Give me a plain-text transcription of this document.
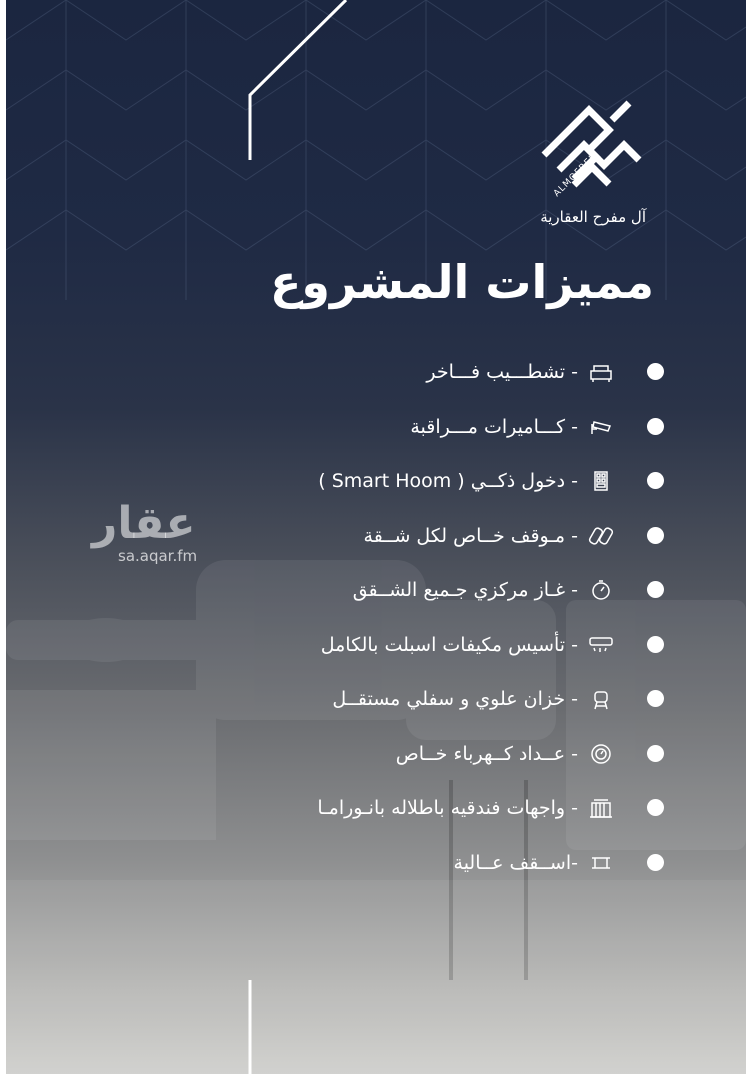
ALMOFREH
آل مفرح العقارية
مميزات المشروع
- تشطـــيب فـــاخر
- كـــاميرات مـــراقبة
- دخول ذكــي ( Smart Hoom )
- مـوقف خــاص لكل شــقة
- غـاز مركزي جـميع الشــقق
- تأسيس مكيفات اسبلت بالكامل
- خزان علوي و سفلي مستقــل
- عــداد كــهرباء خــاص
- واجهات فندقيه باطلاله بانـورامـا
-اســقف عــالية
عقار
sa.aqar.fm
